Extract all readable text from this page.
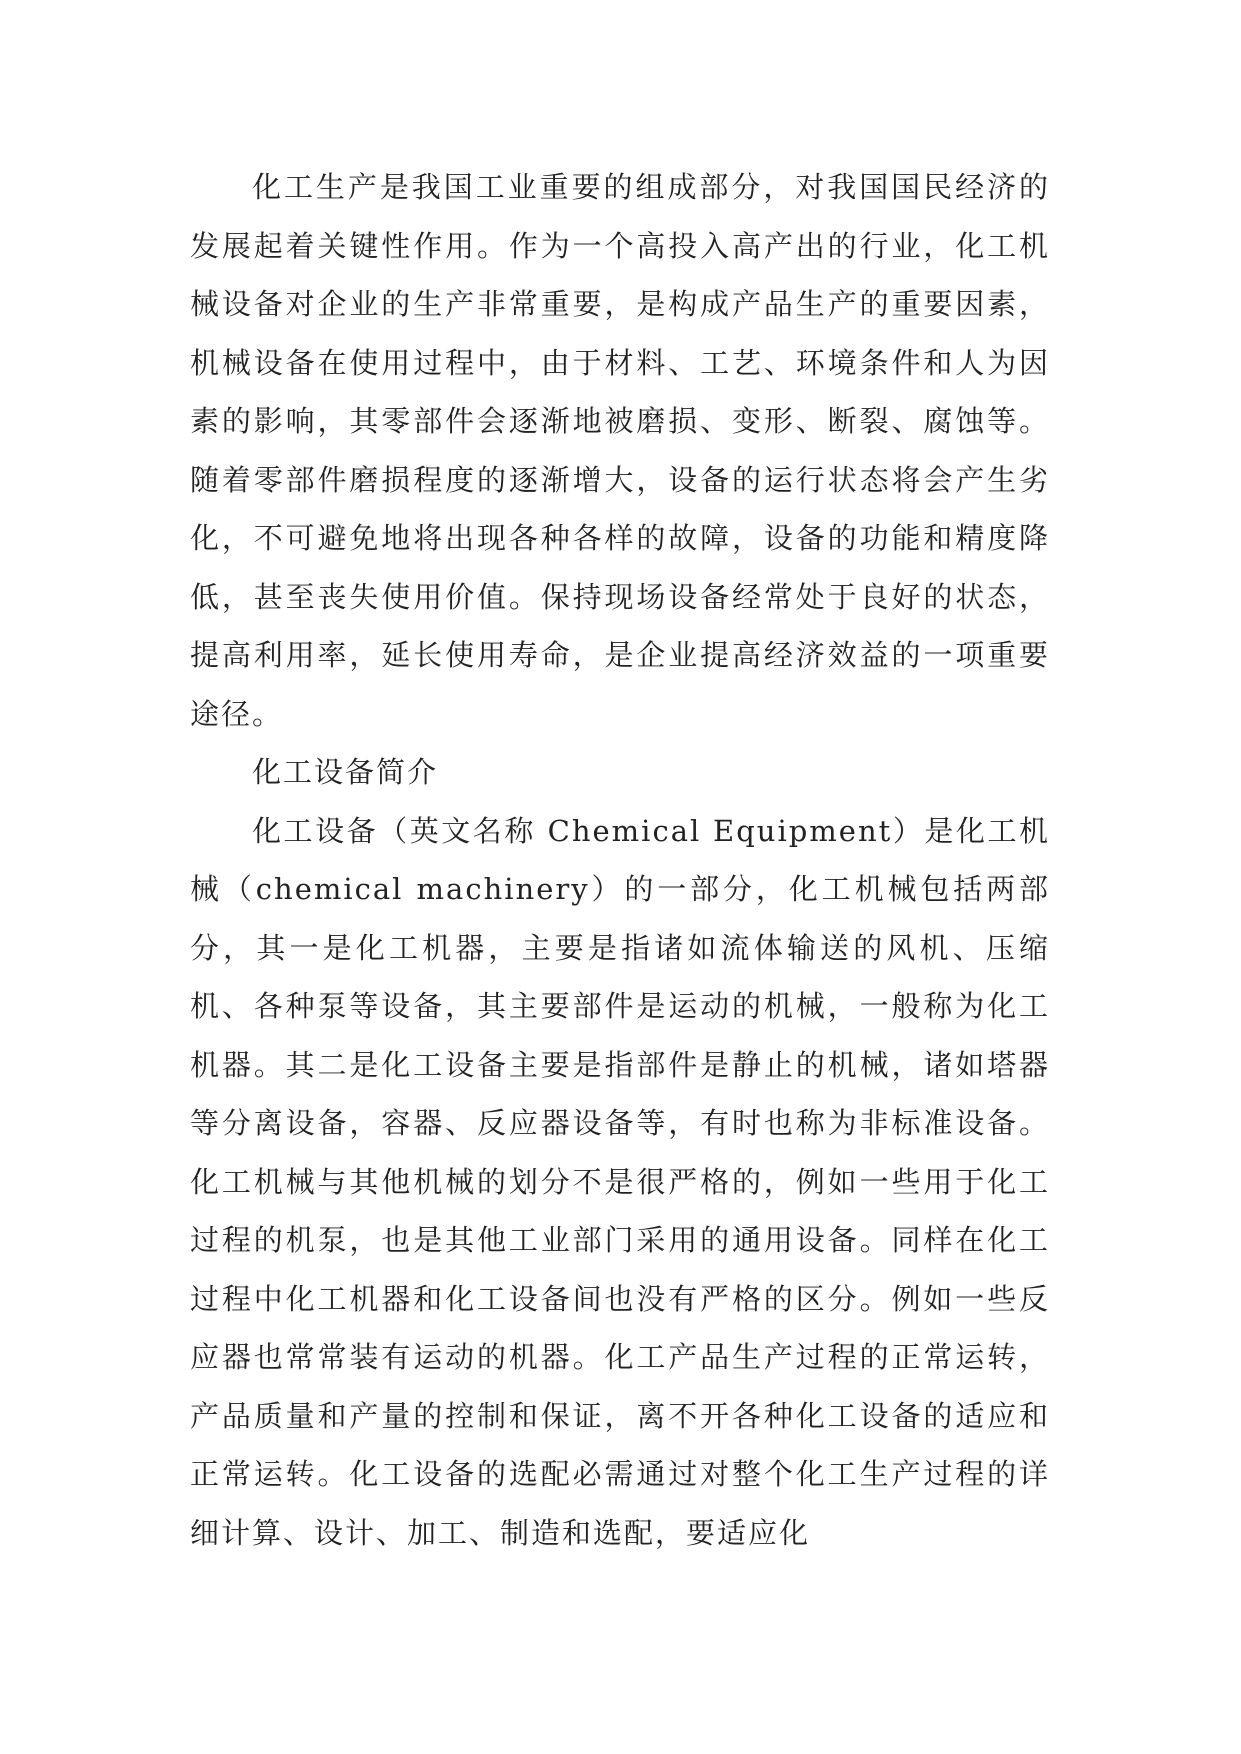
化工生产是我国工业重要的组成部分，对我国国民经济的发展起着关键性作用。作为一个高投入高产出的行业，化工机械设备对企业的生产非常重要，是构成产品生产的重要因素，机械设备在使用过程中，由于材料、工艺、环境条件和人为因素的影响，其零部件会逐渐地被磨损、变形、断裂、腐蚀等。随着零部件磨损程度的逐渐增大，设备的运行状态将会产生劣化，不可避免地将出现各种各样的故障，设备的功能和精度降低，甚至丧失使用价值。保持现场设备经常处于良好的状态，提高利用率，延长使用寿命，是企业提高经济效益的一项重要途径。

化工设备简介

化工设备（英文名称 Chemical Equipment）是化工机械（chemical machinery）的一部分，化工机械包括两部分，其一是化工机器，主要是指诸如流体输送的风机、压缩机、各种泵等设备，其主要部件是运动的机械，一般称为化工机器。其二是化工设备主要是指部件是静止的机械，诸如塔器等分离设备，容器、反应器设备等，有时也称为非标准设备。化工机械与其他机械的划分不是很严格的，例如一些用于化工过程的机泵，也是其他工业部门采用的通用设备。同样在化工过程中化工机器和化工设备间也没有严格的区分。例如一些反应器也常常装有运动的机器。化工产品生产过程的正常运转，产品质量和产量的控制和保证，离不开各种化工设备的适应和正常运转。化工设备的选配必需通过对整个化工生产过程的详细计算、设计、加工、制造和选配，要适应化
